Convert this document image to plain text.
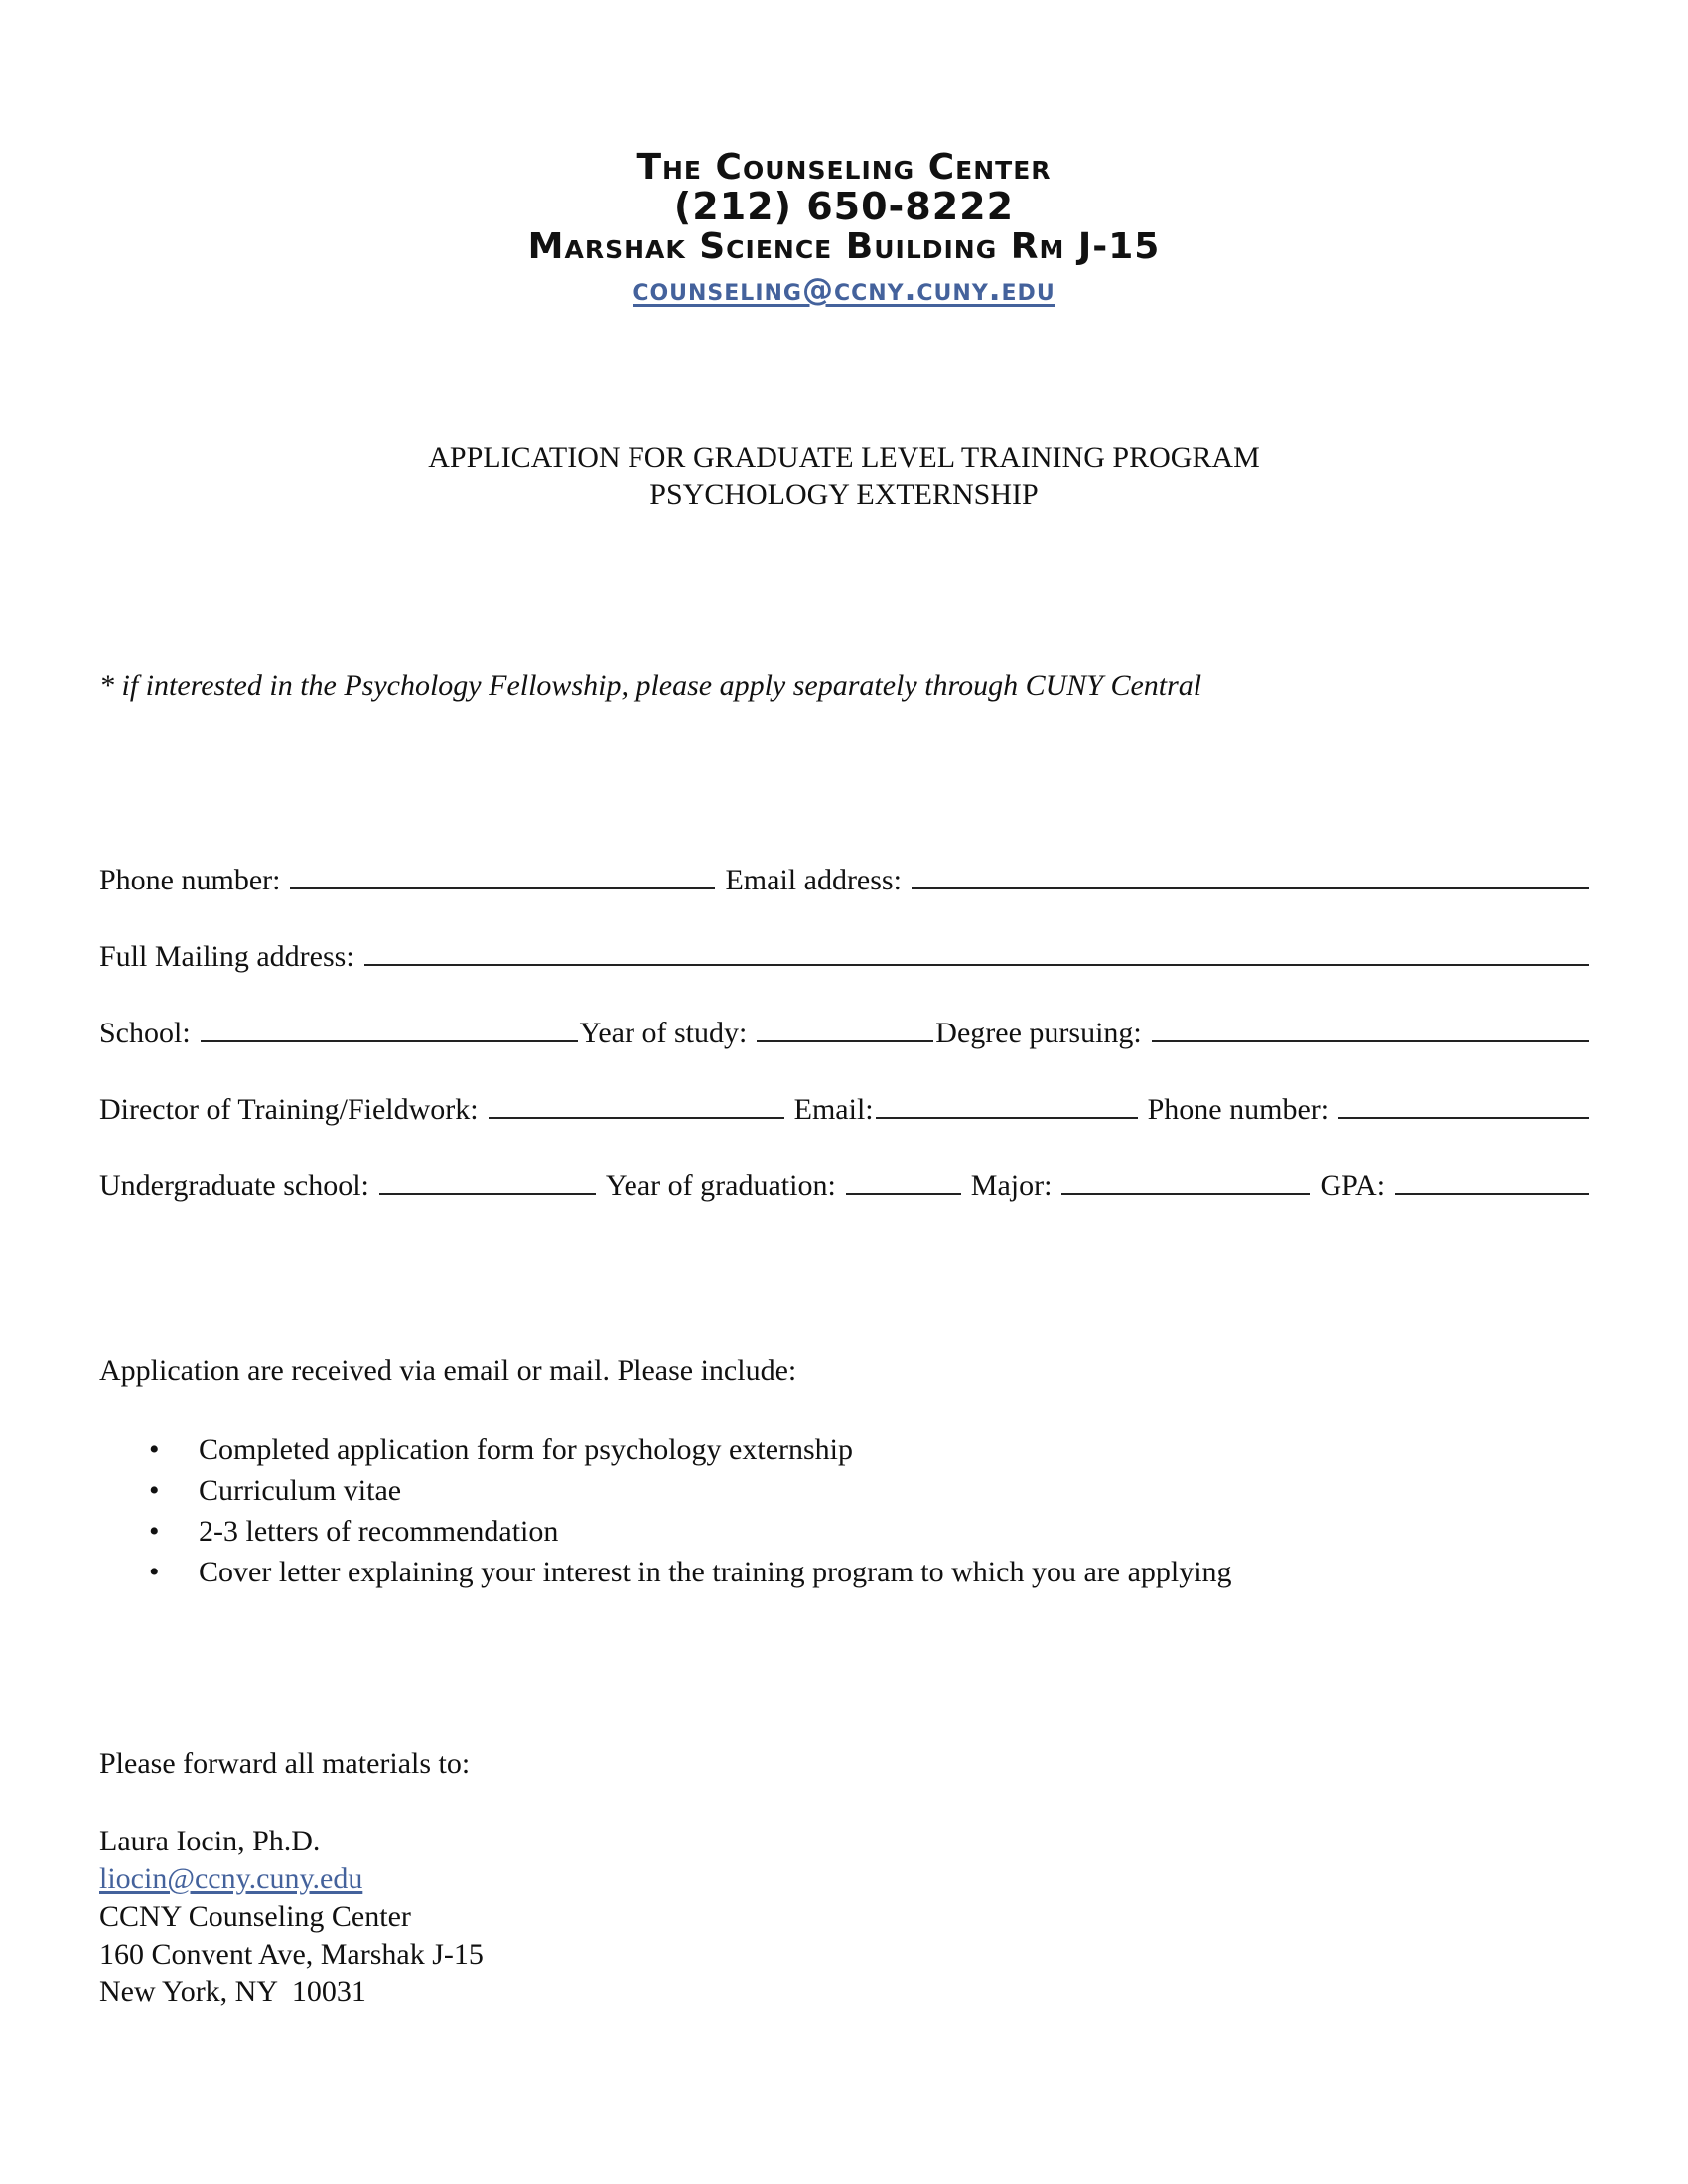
The Counseling Center
(212) 650-8222
Marshak Science Building Rm J-15
counseling@ccny.cuny.edu
APPLICATION FOR GRADUATE LEVEL TRAINING PROGRAM
PSYCHOLOGY EXTERNSHIP
* if interested in the Psychology Fellowship, please apply separately through CUNY Central
Phone number:	Email address:
Full Mailing address:
School:	Year of study:	Degree pursuing:
Director of Training/Fieldwork:	Email:	Phone number:
Undergraduate school:	Year of graduation:	Major:	GPA:
Application are received via email or mail. Please include:
• Completed application form for psychology externship
• Curriculum vitae
• 2-3 letters of recommendation
• Cover letter explaining your interest in the training program to which you are applying
Please forward all materials to:
Laura Iocin, Ph.D.
liocin@ccny.cuny.edu
CCNY Counseling Center
160 Convent Ave, Marshak J-15
New York, NY  10031
